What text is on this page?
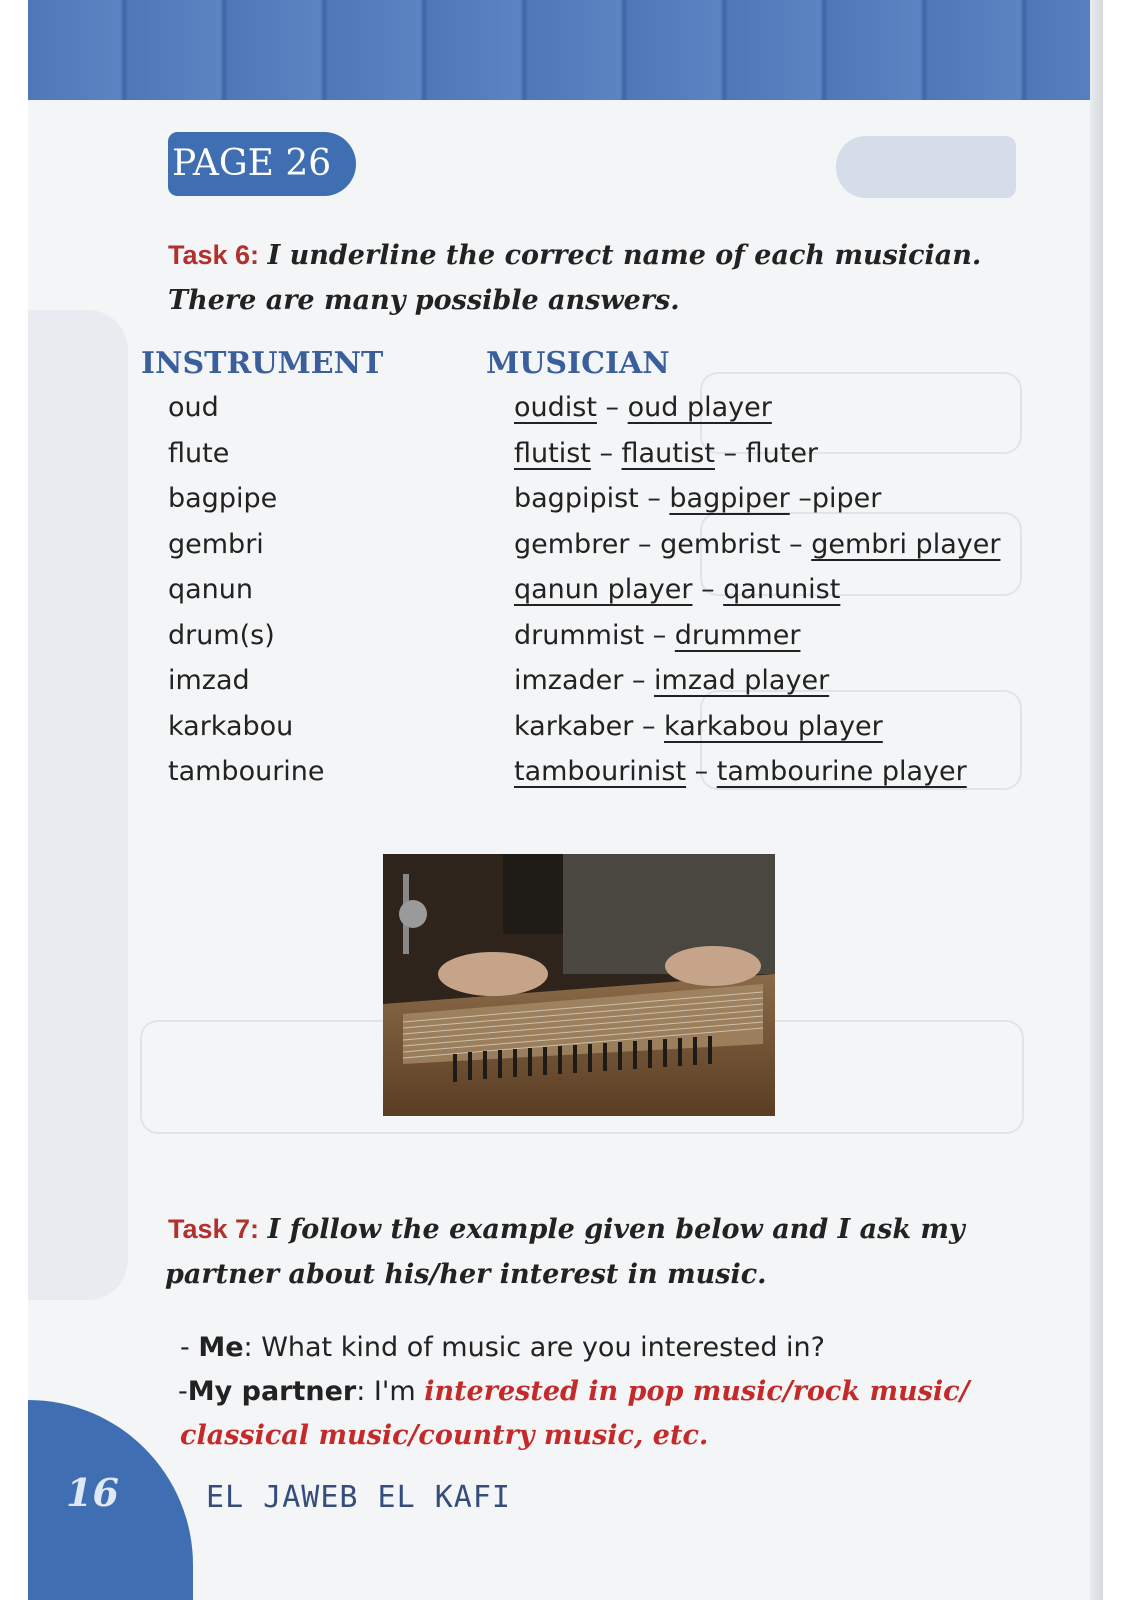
PAGE 26
Task 6: I underline the correct name of each musician.
There are many possible answers.
INSTRUMENT	MUSICIAN
oud	oudist – oud player
flute	flutist – flautist – fluter
bagpipe	bagpipist – bagpiper –piper
gembri	gembrer – gembrist – gembri player
qanun	qanun player – qanunist
drum(s)	drummist – drummer
imzad	imzader – imzad player
karkabou	karkaber – karkabou player
tambourine	tambourinist – tambourine player
Task 7: I follow the example given below and I ask my
partner about his/her interest in music.
- Me: What kind of music are you interested in?
-My partner: I'm interested in pop music/rock music/
classical music/country music, etc.
16	EL JAWEB EL KAFI
